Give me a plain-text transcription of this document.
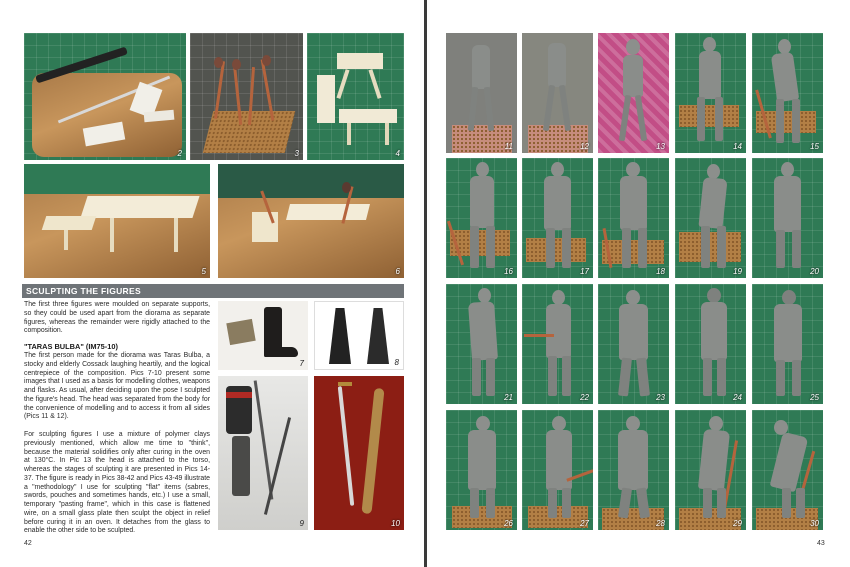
2	3	4
5	6
SCULPTING THE FIGURES
The first three figures were moulded on separate supports, so they could be used apart from the diorama as separate figures, whereas the remainder were rigidly attached to the composition.
"TARAS BULBA" (IM75-10)
The first person made for the diorama was Taras Bulba, a stocky and elderly Cossack laughing heartily, and the logical centrepiece of the composition. Pics 7-10 present some images that I used as a basis for modelling clothes, weapons and flasks. As usual, after deciding upon the pose I sculpted the figure's head. The head was separated from the body for the convenience of modelling and to access it from all sides (Pics 11 & 12).
For sculpting figures I use a mixture of polymer clays previously mentioned, which allow me time to "think", because the material solidifies only after curing in the oven at 130°C. In Pic 13 the head is attached to the torso, whereas the stages of sculpting it are presented in Pics 14-37. The figure is ready in Pics 38-42 and Pics 43-49 illustrate a "methodology" I use for sculpting "flat" items (sabres, swords, pouches and sometimes hands, etc.) I use a small, temporary "pasting frame", which in this case is flattened wire, on a small glass plate then sculpt the object in relief before curing it in an oven. It detaches from the glass to enable the other side to be sculpted.
7	8
9	10
42
11	12	13	14	15
16	17	18	19	20
21	22	23	24	25
26	27	28	29	30
43
